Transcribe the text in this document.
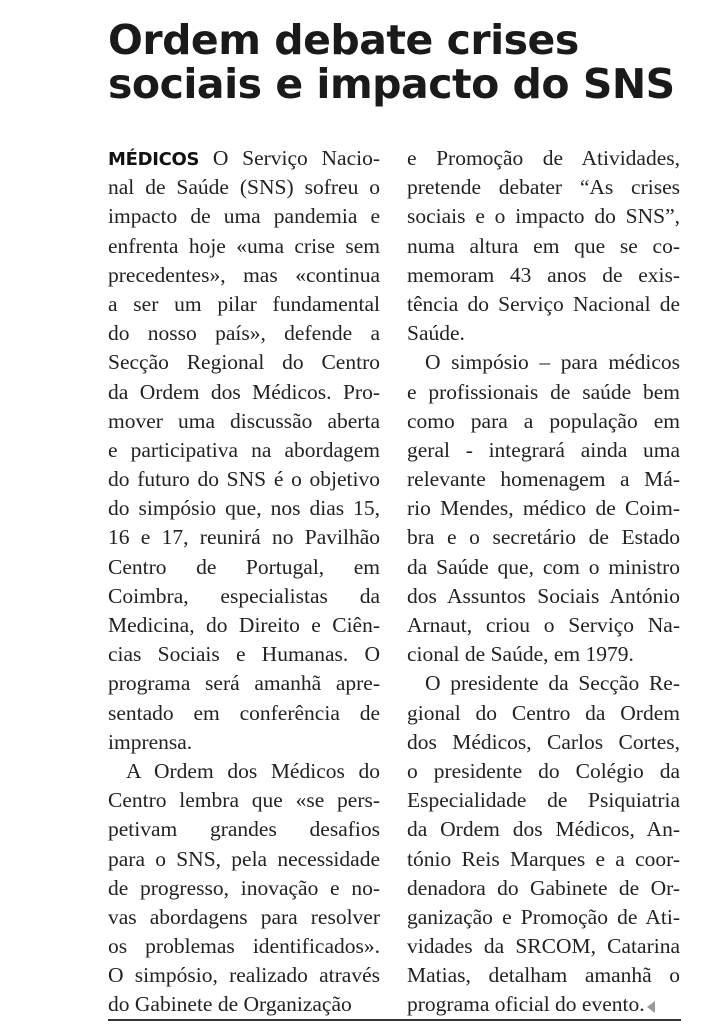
Ordem debate crises
sociais e impacto do SNS
MÉDICOS O Serviço Nacio-
nal de Saúde (SNS) sofreu o
impacto de uma pandemia e
enfrenta hoje «uma crise sem
precedentes», mas «continua
a ser um pilar fundamental
do nosso país», defende a
Secção Regional do Centro
da Ordem dos Médicos. Pro-
mover uma discussão aberta
e participativa na abordagem
do futuro do SNS é o objetivo
do simpósio que, nos dias 15,
16 e 17, reunirá no Pavilhão
Centro de Portugal, em
Coimbra, especialistas da
Medicina, do Direito e Ciên-
cias Sociais e Humanas. O
programa será amanhã apre-
sentado em conferência de
imprensa.
A Ordem dos Médicos do
Centro lembra que «se pers-
petivam grandes desafios
para o SNS, pela necessidade
de progresso, inovação e no-
vas abordagens para resolver
os problemas identificados».
O simpósio, realizado através
do Gabinete de Organização
e Promoção de Atividades,
pretende debater “As crises
sociais e o impacto do SNS”,
numa altura em que se co-
memoram 43 anos de exis-
tência do Serviço Nacional de
Saúde.
O simpósio – para médicos
e profissionais de saúde bem
como para a população em
geral - integrará ainda uma
relevante homenagem a Má-
rio Mendes, médico de Coim-
bra e o secretário de Estado
da Saúde que, com o ministro
dos Assuntos Sociais António
Arnaut, criou o Serviço Na-
cional de Saúde, em 1979.
O presidente da Secção Re-
gional do Centro da Ordem
dos Médicos, Carlos Cortes,
o presidente do Colégio da
Especialidade de Psiquiatria
da Ordem dos Médicos, An-
tónio Reis Marques e a coor-
denadora do Gabinete de Or-
ganização e Promoção de Ati-
vidades da SRCOM, Catarina
Matias, detalham amanhã o
programa oficial do evento.
